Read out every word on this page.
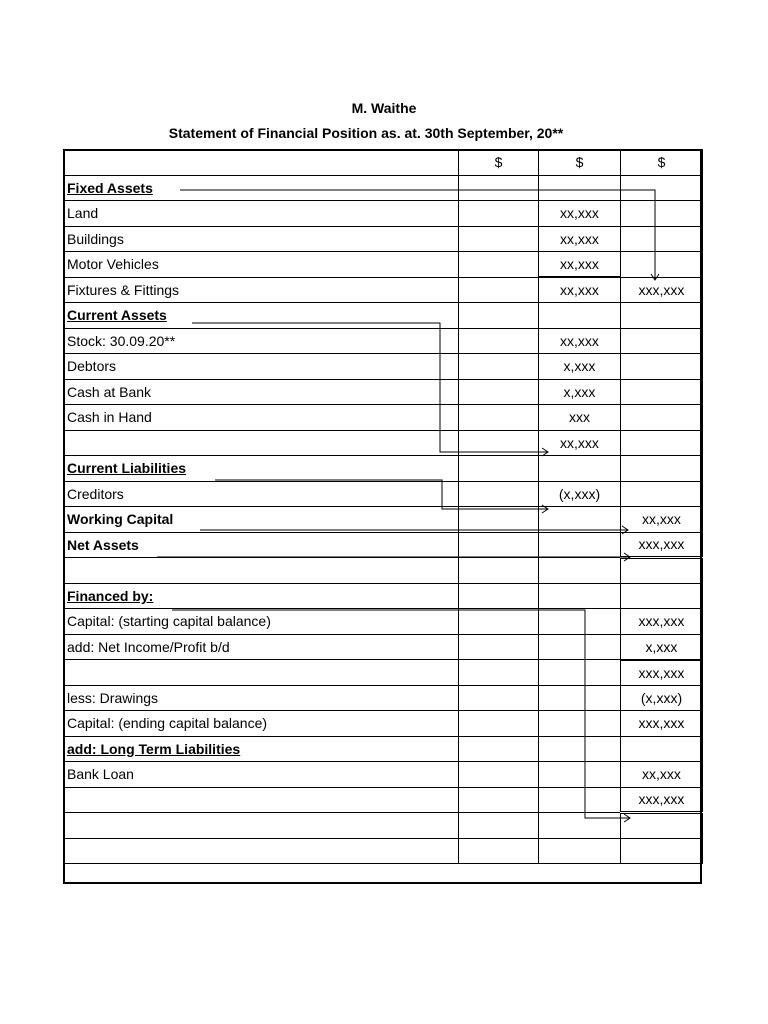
M. Waithe
Statement of Financial Position as. at. 30th September, 20**
	$	$	$
Fixed Assets			
Land		xx,xxx	
Buildings		xx,xxx	
Motor Vehicles		xx,xxx	
Fixtures & Fittings		xx,xxx	xxx,xxx
Current Assets			
Stock: 30.09.20**		xx,xxx	
Debtors		x,xxx	
Cash at Bank		x,xxx	
Cash in Hand		xxx	
		xx,xxx	
Current Liabilities			
Creditors		(x,xxx)	
Working Capital			xx,xxx
Net Assets			xxx,xxx

Financed by:			
Capital: (starting capital balance)			xxx,xxx
add: Net Income/Profit b/d			x,xxx
			xxx,xxx
less: Drawings			(x,xxx)
Capital: (ending capital balance)			xxx,xxx
add: Long Term Liabilities			
Bank Loan			xx,xxx
			xxx,xxx
